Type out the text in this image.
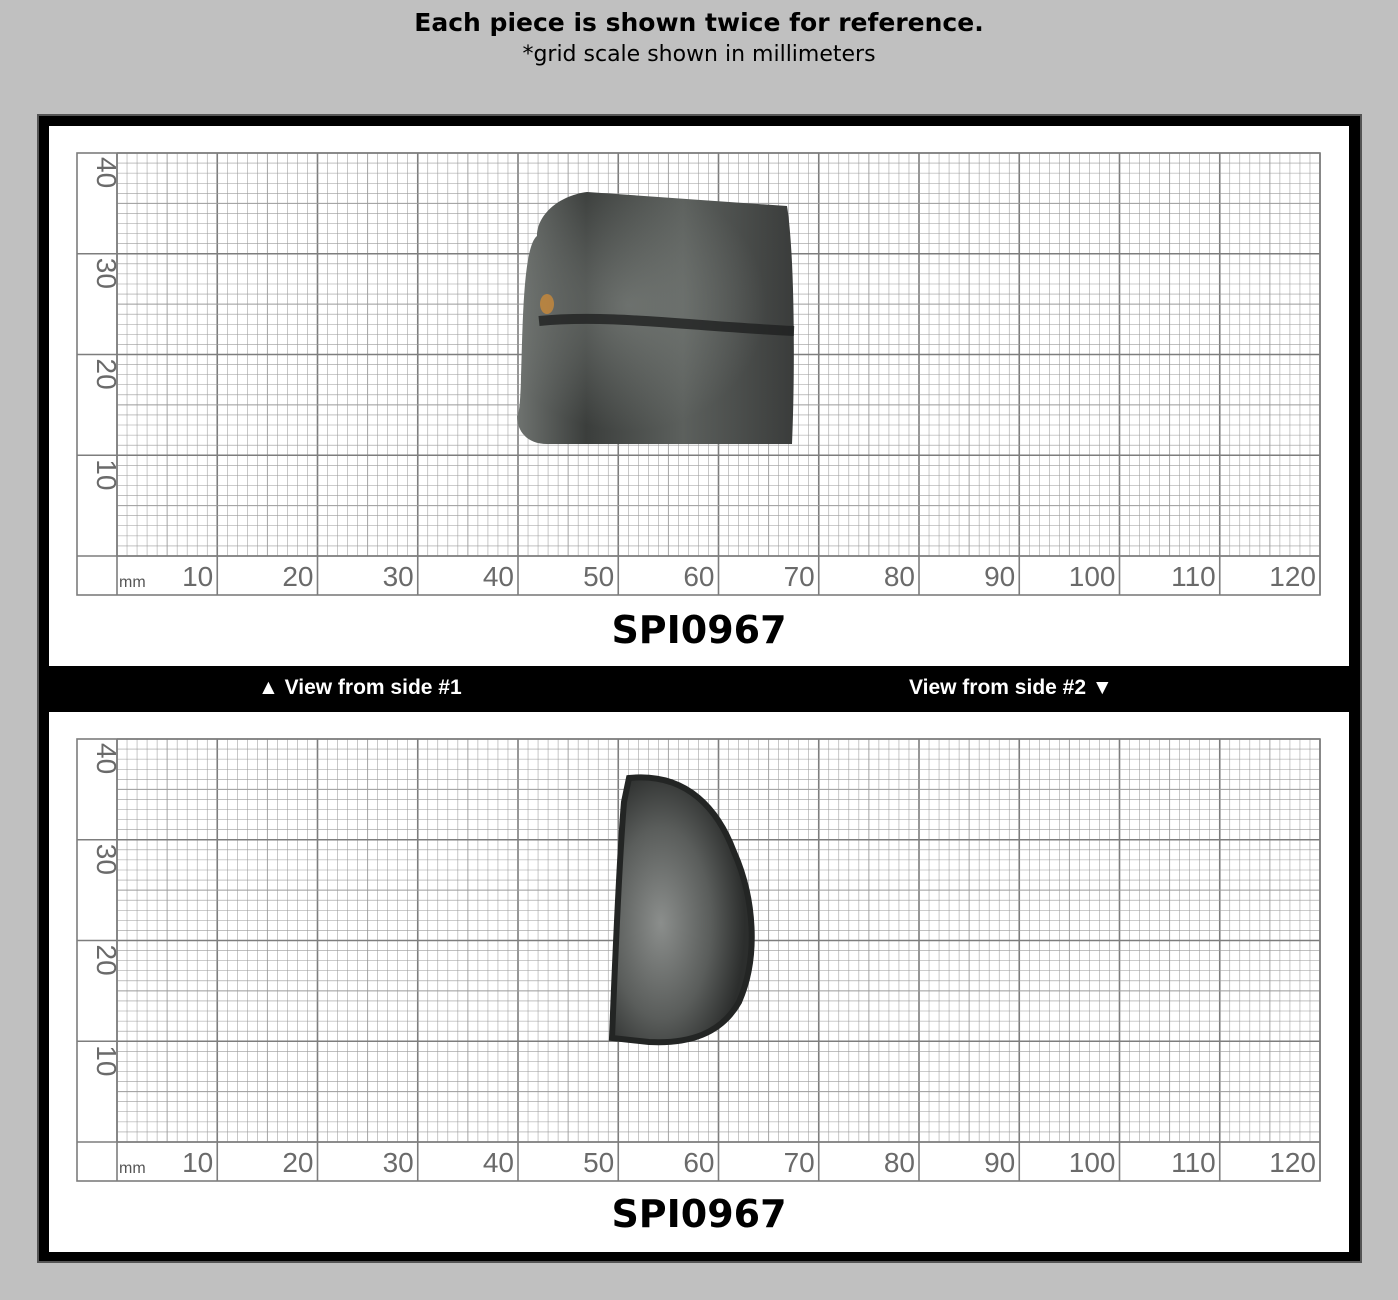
Each piece is shown twice for reference.
*grid scale shown in millimeters
mm 10 20 30 40 50 60 70 80 90 100 110 120
10
20
30
40
SPI0967
▲ View from side #1	View from side #2 ▼
mm 10 20 30 40 50 60 70 80 90 100 110 120
10
20
30
40
SPI0967
